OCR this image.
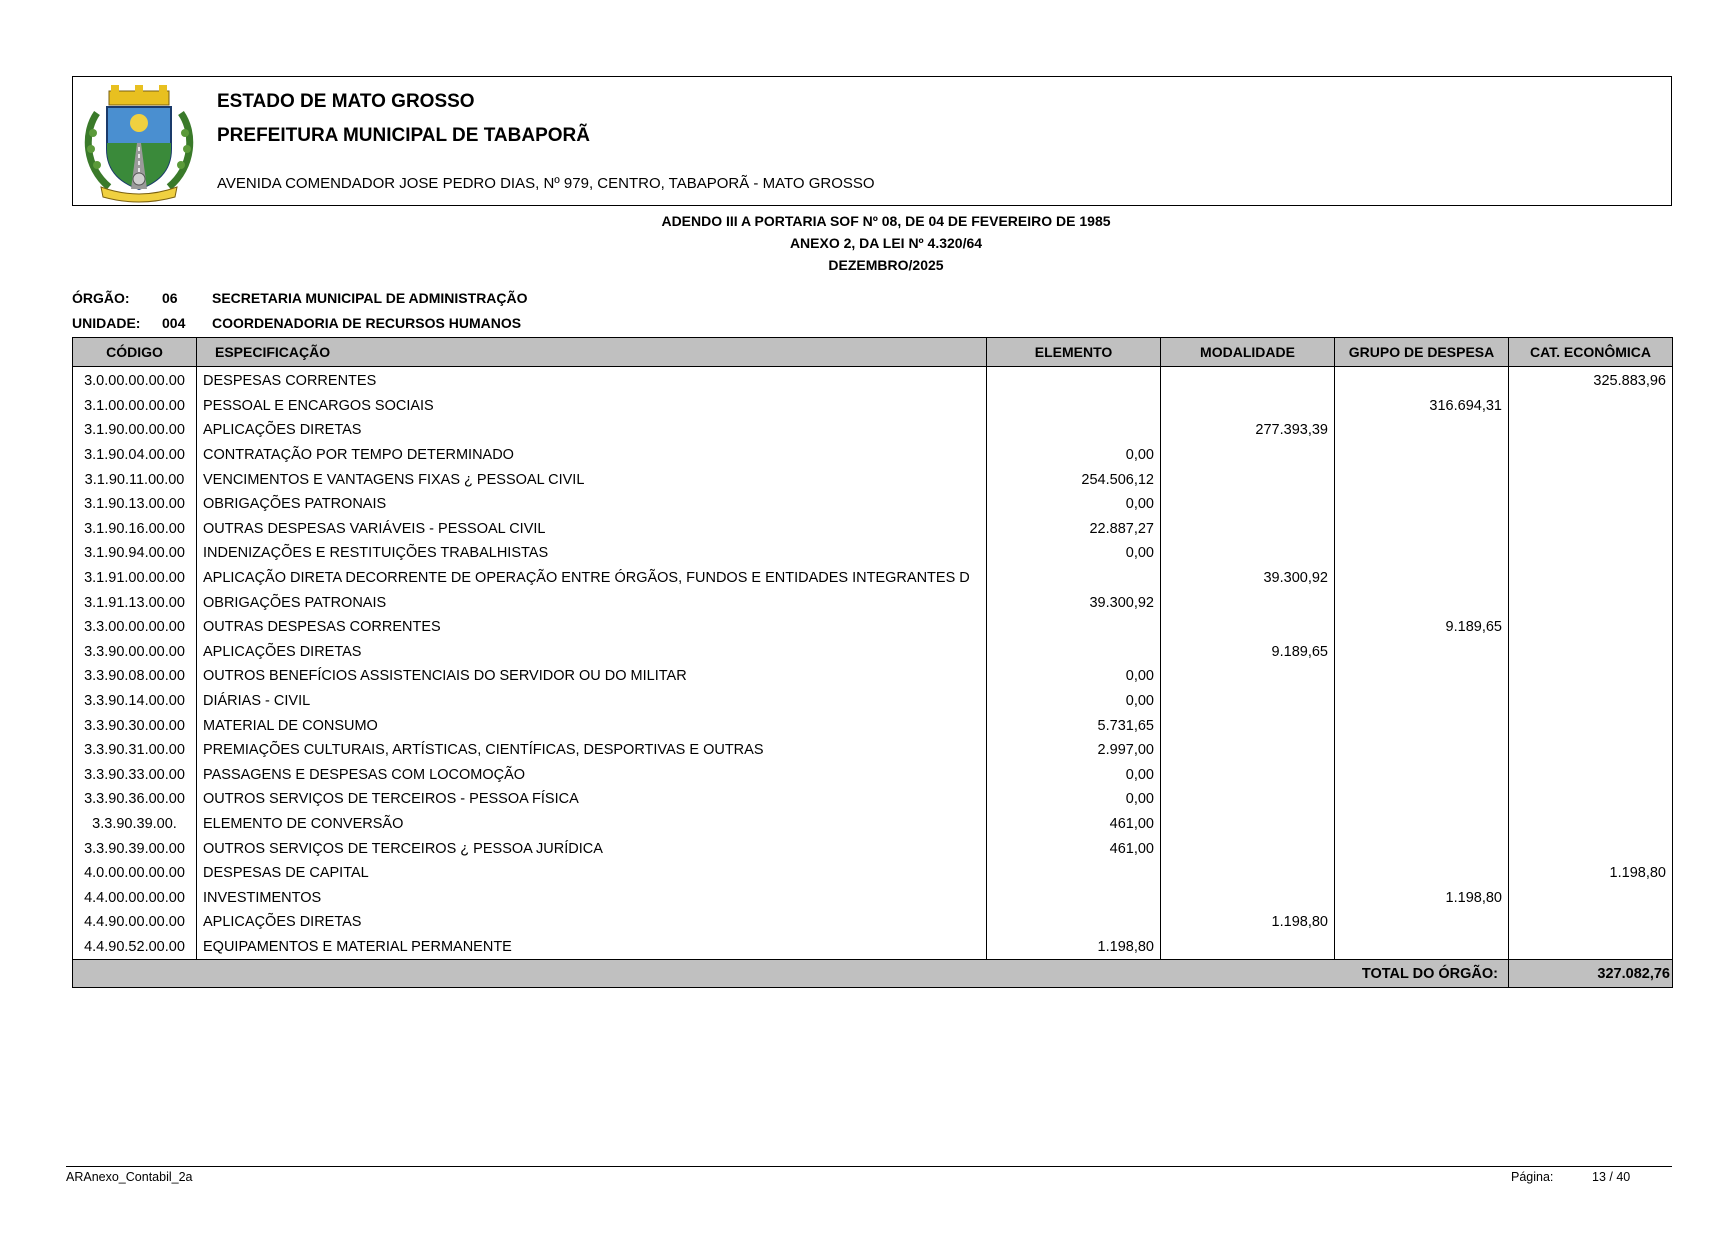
ESTADO DE MATO GROSSO
PREFEITURA MUNICIPAL DE TABAPORÃ
AVENIDA COMENDADOR JOSE PEDRO DIAS, Nº 979, CENTRO, TABAPORÃ - MATO GROSSO
ADENDO III A PORTARIA SOF Nº 08, DE 04 DE FEVEREIRO DE 1985
ANEXO 2, DA LEI Nº 4.320/64
DEZEMBRO/2025
ÓRGÃO: 06 SECRETARIA MUNICIPAL DE ADMINISTRAÇÃO
UNIDADE: 004 COORDENADORIA DE RECURSOS HUMANOS
CÓDIGO	ESPECIFICAÇÃO	ELEMENTO	MODALIDADE	GRUPO DE DESPESA	CAT. ECONÔMICA
3.0.00.00.00.00	DESPESAS CORRENTES				325.883,96
3.1.00.00.00.00	PESSOAL E ENCARGOS SOCIAIS			316.694,31	
3.1.90.00.00.00	APLICAÇÕES DIRETAS		277.393,39		
3.1.90.04.00.00	CONTRATAÇÃO POR TEMPO DETERMINADO	0,00			
3.1.90.11.00.00	VENCIMENTOS E VANTAGENS FIXAS ¿ PESSOAL CIVIL	254.506,12			
3.1.90.13.00.00	OBRIGAÇÕES PATRONAIS	0,00			
3.1.90.16.00.00	OUTRAS DESPESAS VARIÁVEIS - PESSOAL CIVIL	22.887,27			
3.1.90.94.00.00	INDENIZAÇÕES E RESTITUIÇÕES TRABALHISTAS	0,00			
3.1.91.00.00.00	APLICAÇÃO DIRETA DECORRENTE DE OPERAÇÃO ENTRE ÓRGÃOS, FUNDOS E ENTIDADES INTEGRANTES D		39.300,92		
3.1.91.13.00.00	OBRIGAÇÕES PATRONAIS	39.300,92			
3.3.00.00.00.00	OUTRAS DESPESAS CORRENTES			9.189,65	
3.3.90.00.00.00	APLICAÇÕES DIRETAS		9.189,65		
3.3.90.08.00.00	OUTROS BENEFÍCIOS ASSISTENCIAIS DO SERVIDOR OU DO MILITAR	0,00			
3.3.90.14.00.00	DIÁRIAS - CIVIL	0,00			
3.3.90.30.00.00	MATERIAL DE CONSUMO	5.731,65			
3.3.90.31.00.00	PREMIAÇÕES CULTURAIS, ARTÍSTICAS, CIENTÍFICAS, DESPORTIVAS E OUTRAS	2.997,00			
3.3.90.33.00.00	PASSAGENS E DESPESAS COM LOCOMOÇÃO	0,00			
3.3.90.36.00.00	OUTROS SERVIÇOS DE TERCEIROS - PESSOA FÍSICA	0,00			
3.3.90.39.00.	ELEMENTO DE CONVERSÃO	461,00			
3.3.90.39.00.00	OUTROS SERVIÇOS DE TERCEIROS ¿ PESSOA JURÍDICA	461,00			
4.0.00.00.00.00	DESPESAS DE CAPITAL				1.198,80
4.4.00.00.00.00	INVESTIMENTOS			1.198,80	
4.4.90.00.00.00	APLICAÇÕES DIRETAS		1.198,80		
4.4.90.52.00.00	EQUIPAMENTOS E MATERIAL PERMANENTE	1.198,80			
TOTAL DO ÓRGÃO:					327.082,76
ARAnexo_Contabil_2a	Página:	13 / 40
